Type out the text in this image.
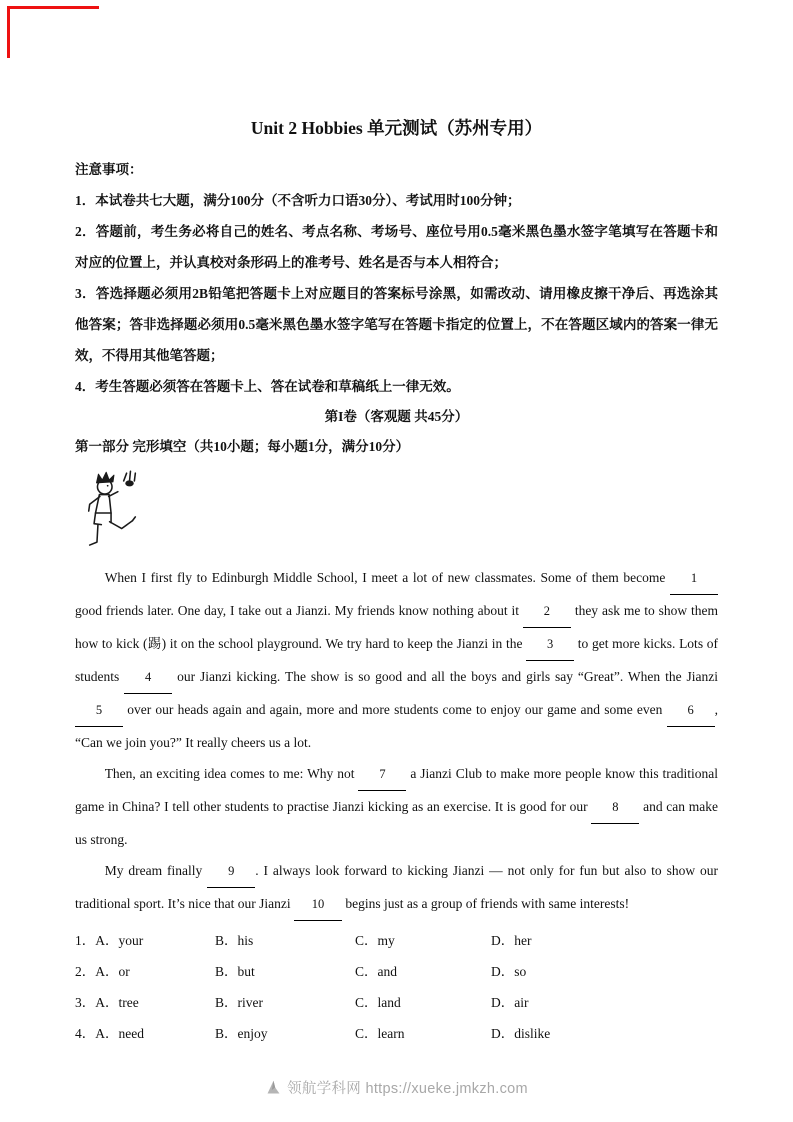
Unit 2 Hobbies 单元测试（苏州专用）

注意事项：

1．本试卷共七大题，满分100分（不含听力口语30分）、考试用时100分钟；

2．答题前，考生务必将自己的姓名、考点名称、考场号、座位号用0.5毫米黑色墨水签字笔填写在答题卡和对应的位置上，并认真校对条形码上的准考号、姓名是否与本人相符合；

3．答选择题必须用2B铅笔把答题卡上对应题目的答案标号涂黑，如需改动、请用橡皮擦干净后、再选涂其他答案；答非选择题必须用0.5毫米黑色墨水签字笔写在答题卡指定的位置上，不在答题区域内的答案一律无效，不得用其他笔答题；

4．考生答题必须答在答题卡上、答在试卷和草稿纸上一律无效。

第I卷（客观题 共45分）

第一部分 完形填空（共10小题；每小题1分，满分10分）

When I first fly to Edinburgh Middle School, I meet a lot of new classmates. Some of them become 1 good friends later. One day, I take out a Jianzi. My friends know nothing about it 2 they ask me to show them how to kick (踢) it on the school playground. We try hard to keep the Jianzi in the 3 to get more kicks. Lots of students 4 our Jianzi kicking. The show is so good and all the boys and girls say “Great”. When the Jianzi 5 over our heads again and again, more and more students come to enjoy our game and some even 6 , “Can we join you?” It really cheers us a lot.

Then, an exciting idea comes to me: Why not 7 a Jianzi Club to make more people know this traditional game in China? I tell other students to practise Jianzi kicking as an exercise. It is good for our 8 and can make us strong.

My dream finally 9 . I always look forward to kicking Jianzi — not only for fun but also to show our traditional sport. It’s nice that our Jianzi 10 begins just as a group of friends with same interests!

1．A．your	B．his	C．my	D．her
2．A．or	B．but	C．and	D．so
3．A．tree	B．river	C．land	D．air
4．A．need	B．enjoy	C．learn	D．dislike
领航学科网 https://xueke.jmkzh.com
